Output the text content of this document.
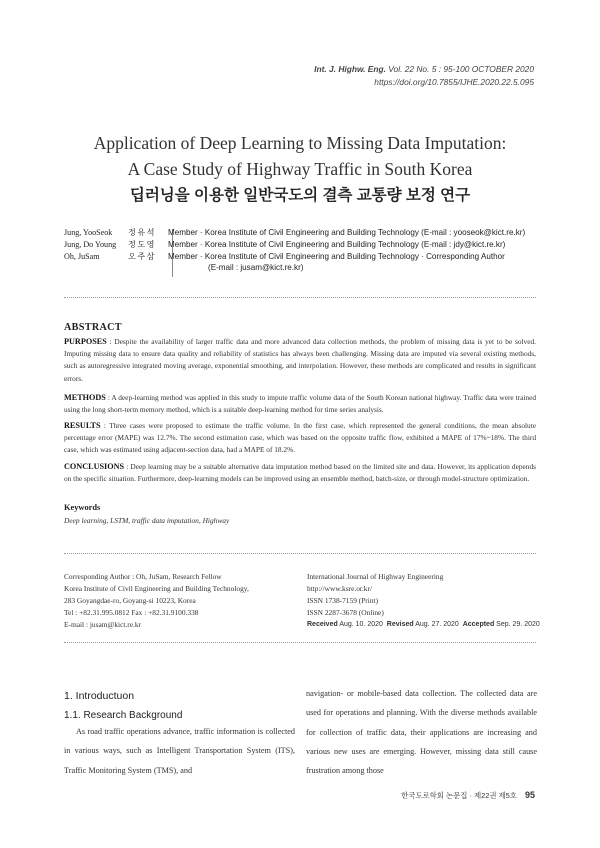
Int. J. Highw. Eng. Vol. 22 No. 5 : 95-100 OCTOBER 2020
https://doi.org/10.7855/IJHE.2020.22.5.095
Application of Deep Learning to Missing Data Imputation:
A Case Study of Highway Traffic in South Korea
딥러닝을 이용한 일반국도의 결측 교통량 보정 연구
Jung, YooSeok	정유석	Member · Korea Institute of Civil Engineering and Building Technology (E-mail : yooseok@kict.re.kr)
Jung, Do Young	정도영	Member · Korea Institute of Civil Engineering and Building Technology (E-mail : jdy@kict.re.kr)
Oh, JuSam	오주삼	Member · Korea Institute of Civil Engineering and Building Technology · Corresponding Author
(E-mail : jusam@kict.re.kr)
ABSTRACT
PURPOSES : Despite the availability of larger traffic data and more advanced data collection methods, the problem of missing data is yet to be solved. Imputing missing data to ensure data quality and reliability of statistics has always been challenging. Missing data are imputed via several existing methods, such as autoregressive integrated moving average, exponential smoothing, and interpolation. However, these methods are complicated and results in significant errors.
METHODS : A deep-learning method was applied in this study to impute traffic volume data of the South Korean national highway. Traffic data were trained using the long short-term memory method, which is a suitable deep-learning method for time series analysis.
RESULTS : Three cases were proposed to estimate the traffic volume. In the first case, which represented the general conditions, the mean absolute percentage error (MAPE) was 12.7%. The second estimation case, which was based on the opposite traffic flow, exhibited a MAPE of 17%~18%. The third case, which was estimated using adjacent-section data, had a MAPE of 18.2%.
CONCLUSIONS : Deep learning may be a suitable alternative data imputation method based on the limited site and data. However, its application depends on the specific situation. Furthermore, deep-learning models can be improved using an ensemble method, batch-size, or through model-structure optimization.
Keywords
Deep learning, LSTM, traffic data imputation, Highway
Corresponding Author : Oh, JuSam, Research Fellow
Korea Institute of Civil Engineering and Building Technology,
283 Goyangdae-ro, Goyang-si 10223, Korea
Tel : +82.31.995.0812 Fax : +82.31.9100.338
E-mail : jusam@kict.re.kr
International Journal of Highway Engineering
http://www.ksre.or.kr/
ISSN 1738-7159 (Print)
ISSN 2287-3678 (Online)
Received Aug. 10. 2020 Revised Aug. 27. 2020 Accepted Sep. 29. 2020
1. Introductuon
1.1. Research Background

As road traffic operations advance, traffic information is collected in various ways, such as Intelligent Transportation System (ITS), Traffic Monitoring System (TMS), and

navigation- or mobile-based data collection. The collected data are used for operations and planning. With the diverse methods available for collection of traffic data, their applications are increasing and various new uses are emerging. However, missing data still cause frustration among those

한국도로학회 논문집 · 제22권 제5호 95
